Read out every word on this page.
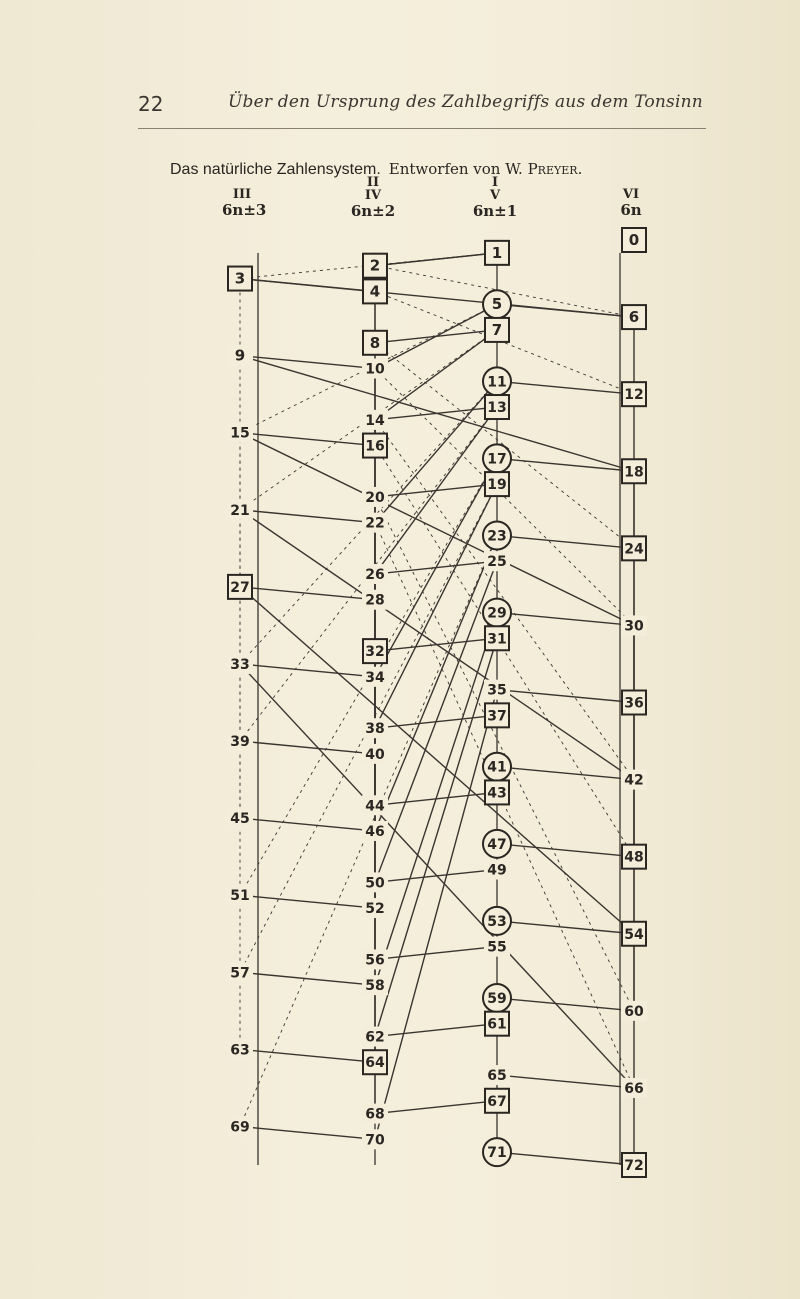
22	Über den Ursprung des Zahlbegriffs aus dem Tonsinn
Das natürliche Zahlensystem. Entworfen von W. Preyer.
III
6n±3
II
IV
6n±2
I
V
6n±1
VI
6n
0
1
2
3
4
5
6
7
8
9
10
11
12
13
14
15
16
17
18
19
20
21
22
23
24
25
26
27
28
29
30
31
32
33
34
35
36
37
38
39
40
41
42
43
44
45
46
47
48
49
50
51
52
53
54
55
56
57
58
59
60
61
62
63
64
65
66
67
68
69
70
71
72
